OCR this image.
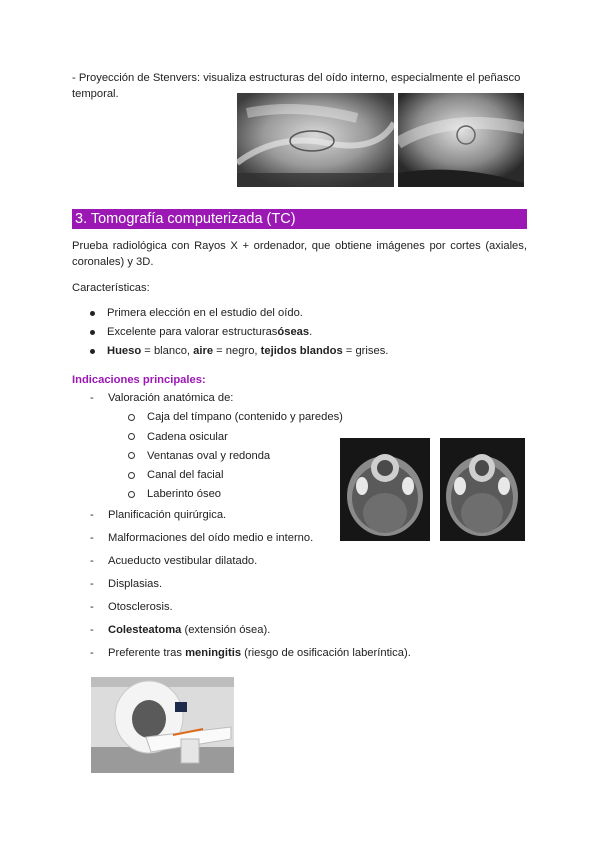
- Proyección de Stenvers: visualiza estructuras del oído interno, especialmente el peñasco temporal.
3. Tomografía computerizada (TC)
Prueba radiológica con Rayos X + ordenador, que obtiene imágenes por cortes (axiales, coronales) y 3D.
Características:
Primera elección en el estudio del oído.
Excelente para valorar estructuras óseas .
Hueso = blanco, aire = negro, tejidos blandos = grises.
Indicaciones principales:
-	Valoración anatómica de:
Caja del tímpano (contenido y paredes)
Cadena osicular
Ventanas oval y redonda
Canal del facial
Laberinto óseo
- Planificación quirúrgica.
- Malformaciones del oído medio e interno.
- Acueducto vestibular dilatado.
- Displasias.
- Otosclerosis.
- Colesteatoma (extensión ósea).
- Preferente tras meningitis (riesgo de osificación laberíntica).
